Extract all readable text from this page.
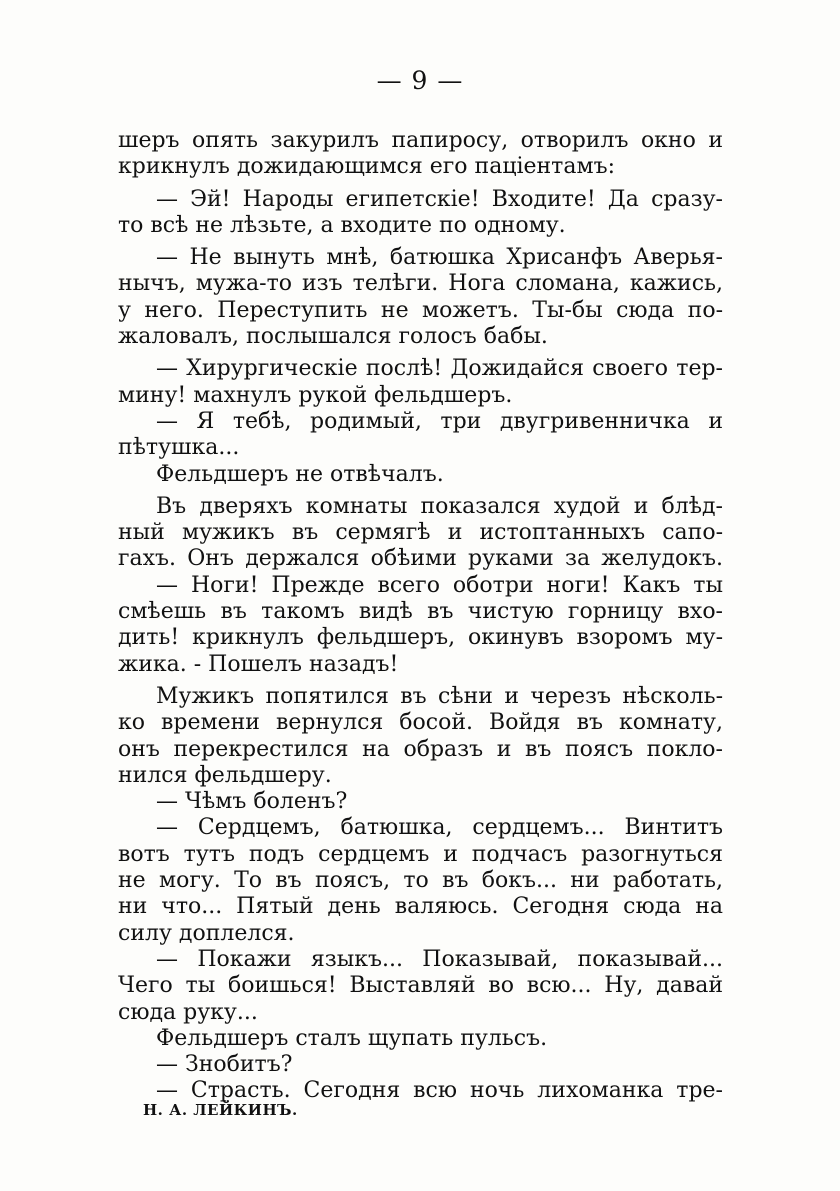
— 9 —
шеръ опять закурилъ папиросу, отворилъ окно и
крикнулъ дожидающимся его паціентамъ:
— Эй! Народы египетскіе! Входите! Да сразу-
то всѣ не лѣзьте, а входите по одному.
— Не вынуть мнѣ, батюшка Хрисанфъ Аверья-
нычъ, мужа-то изъ телѣги. Нога сломана, кажись,
у него. Переступить не можетъ. Ты-бы сюда по-
жаловалъ, послышался голосъ бабы.
— Хирургическіе послѣ! Дожидайся своего тер-
мину! махнулъ рукой фельдшеръ.
— Я тебѣ, родимый, три двугривенничка и
пѣтушка...
Фельдшеръ не отвѣчалъ.
Въ дверяхъ комнаты показался худой и блѣд-
ный мужикъ въ сермягѣ и истоптанныхъ сапо-
гахъ. Онъ держался обѣими руками за желудокъ.
— Ноги! Прежде всего оботри ноги! Какъ ты
смѣешь въ такомъ видѣ въ чистую горницу вхо-
дить! крикнулъ фельдшеръ, окинувъ взоромъ му-
жика. - Пошелъ назадъ!
Мужикъ попятился въ сѣни и черезъ нѣсколь-
ко времени вернулся босой. Войдя въ комнату,
онъ перекрестился на образъ и въ поясъ покло-
нился фельдшеру.
— Чѣмъ боленъ?
— Сердцемъ, батюшка, сердцемъ... Винтитъ
вотъ тутъ подъ сердцемъ и подчасъ разогнуться
не могу. То въ поясъ, то въ бокъ... ни работать,
ни что... Пятый день валяюсь. Сегодня сюда на
силу доплелся.
— Покажи языкъ... Показывай, показывай...
Чего ты боишься! Выставляй во всю... Ну, давай
сюда руку...
Фельдшеръ сталъ щупать пульсъ.
— Знобитъ?
— Страсть. Сегодня всю ночь лихоманка тре-
Н. А. ЛЕЙКИНЪ.
